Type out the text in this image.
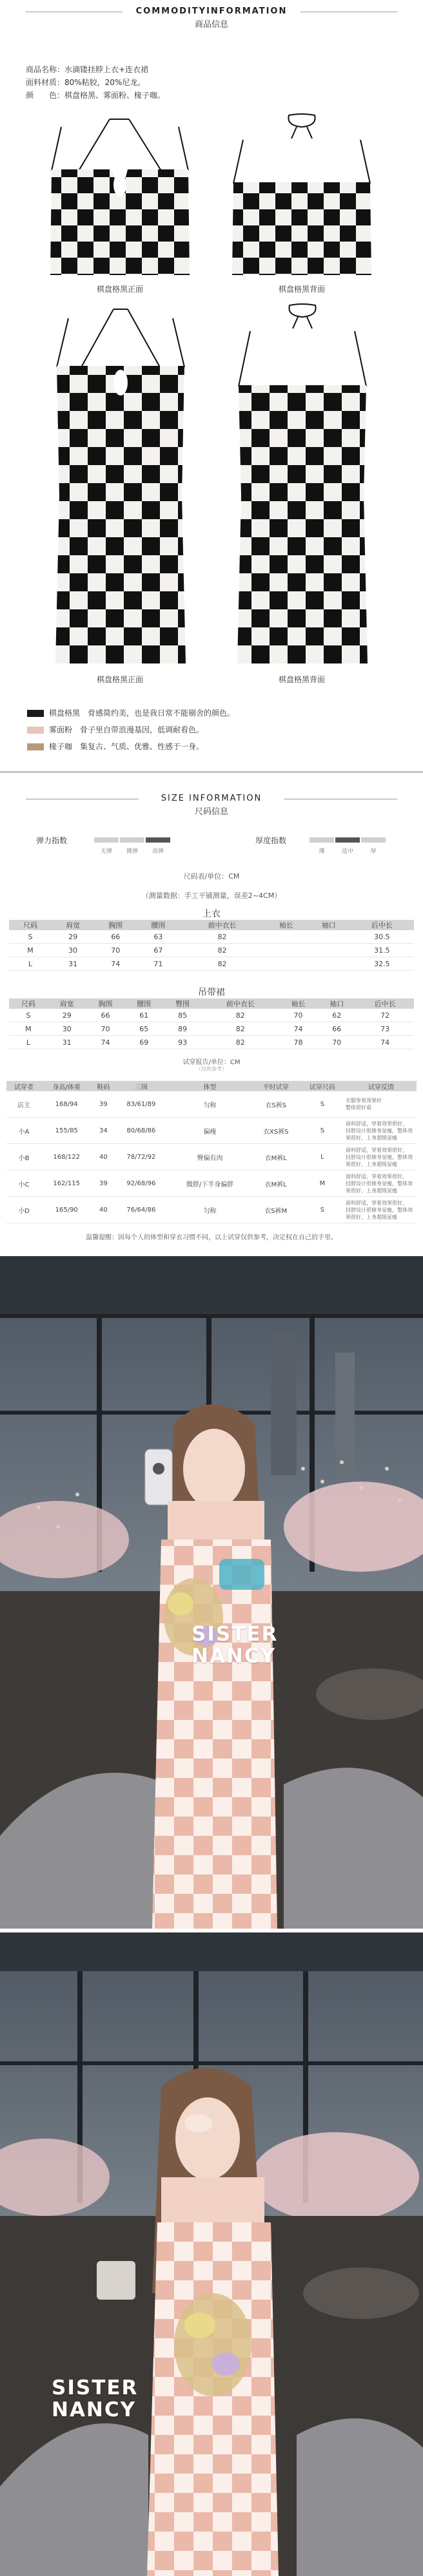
COMMODITYINFORMATION
商品信息
商品名称：水滴镂挂脖上衣+连衣裙
面料材质：80%粘胶，20%尼龙。
颜　　色：棋盘格黑、雾面粉、椽子咖。
棋盘格黑正面	棋盘格黑背面
棋盘格黑正面	棋盘格黑背面
棋盘格黑　 骨感简约美，也是我日常不能剔舍的颜色。
雾面粉　 骨子里自带浪漫基因，低调耐看色。
椽子咖　 集复古、气质、优雅、性感于一身。
SIZE INFORMATION
尺码信息
弹力指数
无弹	微弹	高弹
厚度指数
薄	适中	厚
尺码表/单位：CM
（测量数据：手工平铺测量，误差2~4CM）
上衣
尺码	肩宽	胸围	腰围	前中衣长	袖长	袖口	后中长
S	29	66	63	82			30.5
M	30	70	67	82			31.5
L	31	74	71	82			32.5
吊带裙
尺码	肩宽	胸围	腰围	臀围	前中衣长	袖长	袖口	后中长
S	29	66	61	85	82	70	62	72
M	30	70	65	89	82	74	66	73
L	31	74	69	93	82	78	70	74
试穿报告/单位：CM
（仅供参考）
试穿者	身高/体重	鞋码	三围	体型	平时试穿	试穿尺码	试穿反馈
店主	168/94	39	83/61/89	匀称	衣S裤S	S	衣服穿着效果好
整体很好看
小A	155/85	34	80/68/86	偏瘦	衣XS裤S	S	面料舒适，穿着效果很好，
挂脖设计很修身显瘦，整体效
果很好，上身超级显瘦
小B	168/122	40	78/72/92	臀偏有肉	衣M裤L	L	面料舒适，穿着效果很好，
挂脖设计很修身显瘦，整体效
果很好，上身超级显瘦
小C	162/115	39	92/68/96	微胖/下半身偏胖	衣M裤L	M	面料舒适，穿着效果很好，
挂脖设计很修身显瘦，整体效
果很好，上身超级显瘦
小D	165/90	40	76/64/86	匀称	衣S裤M	S	面料舒适，穿着效果很好，
挂脖设计很修身显瘦，整体效
果很好，上身超级显瘦
温馨提醒：因每个人的体型和穿衣习惯不同，以上试穿仅供参考，决定权在自己的手里。
SISTER
NANCY
SISTER
NANCY
